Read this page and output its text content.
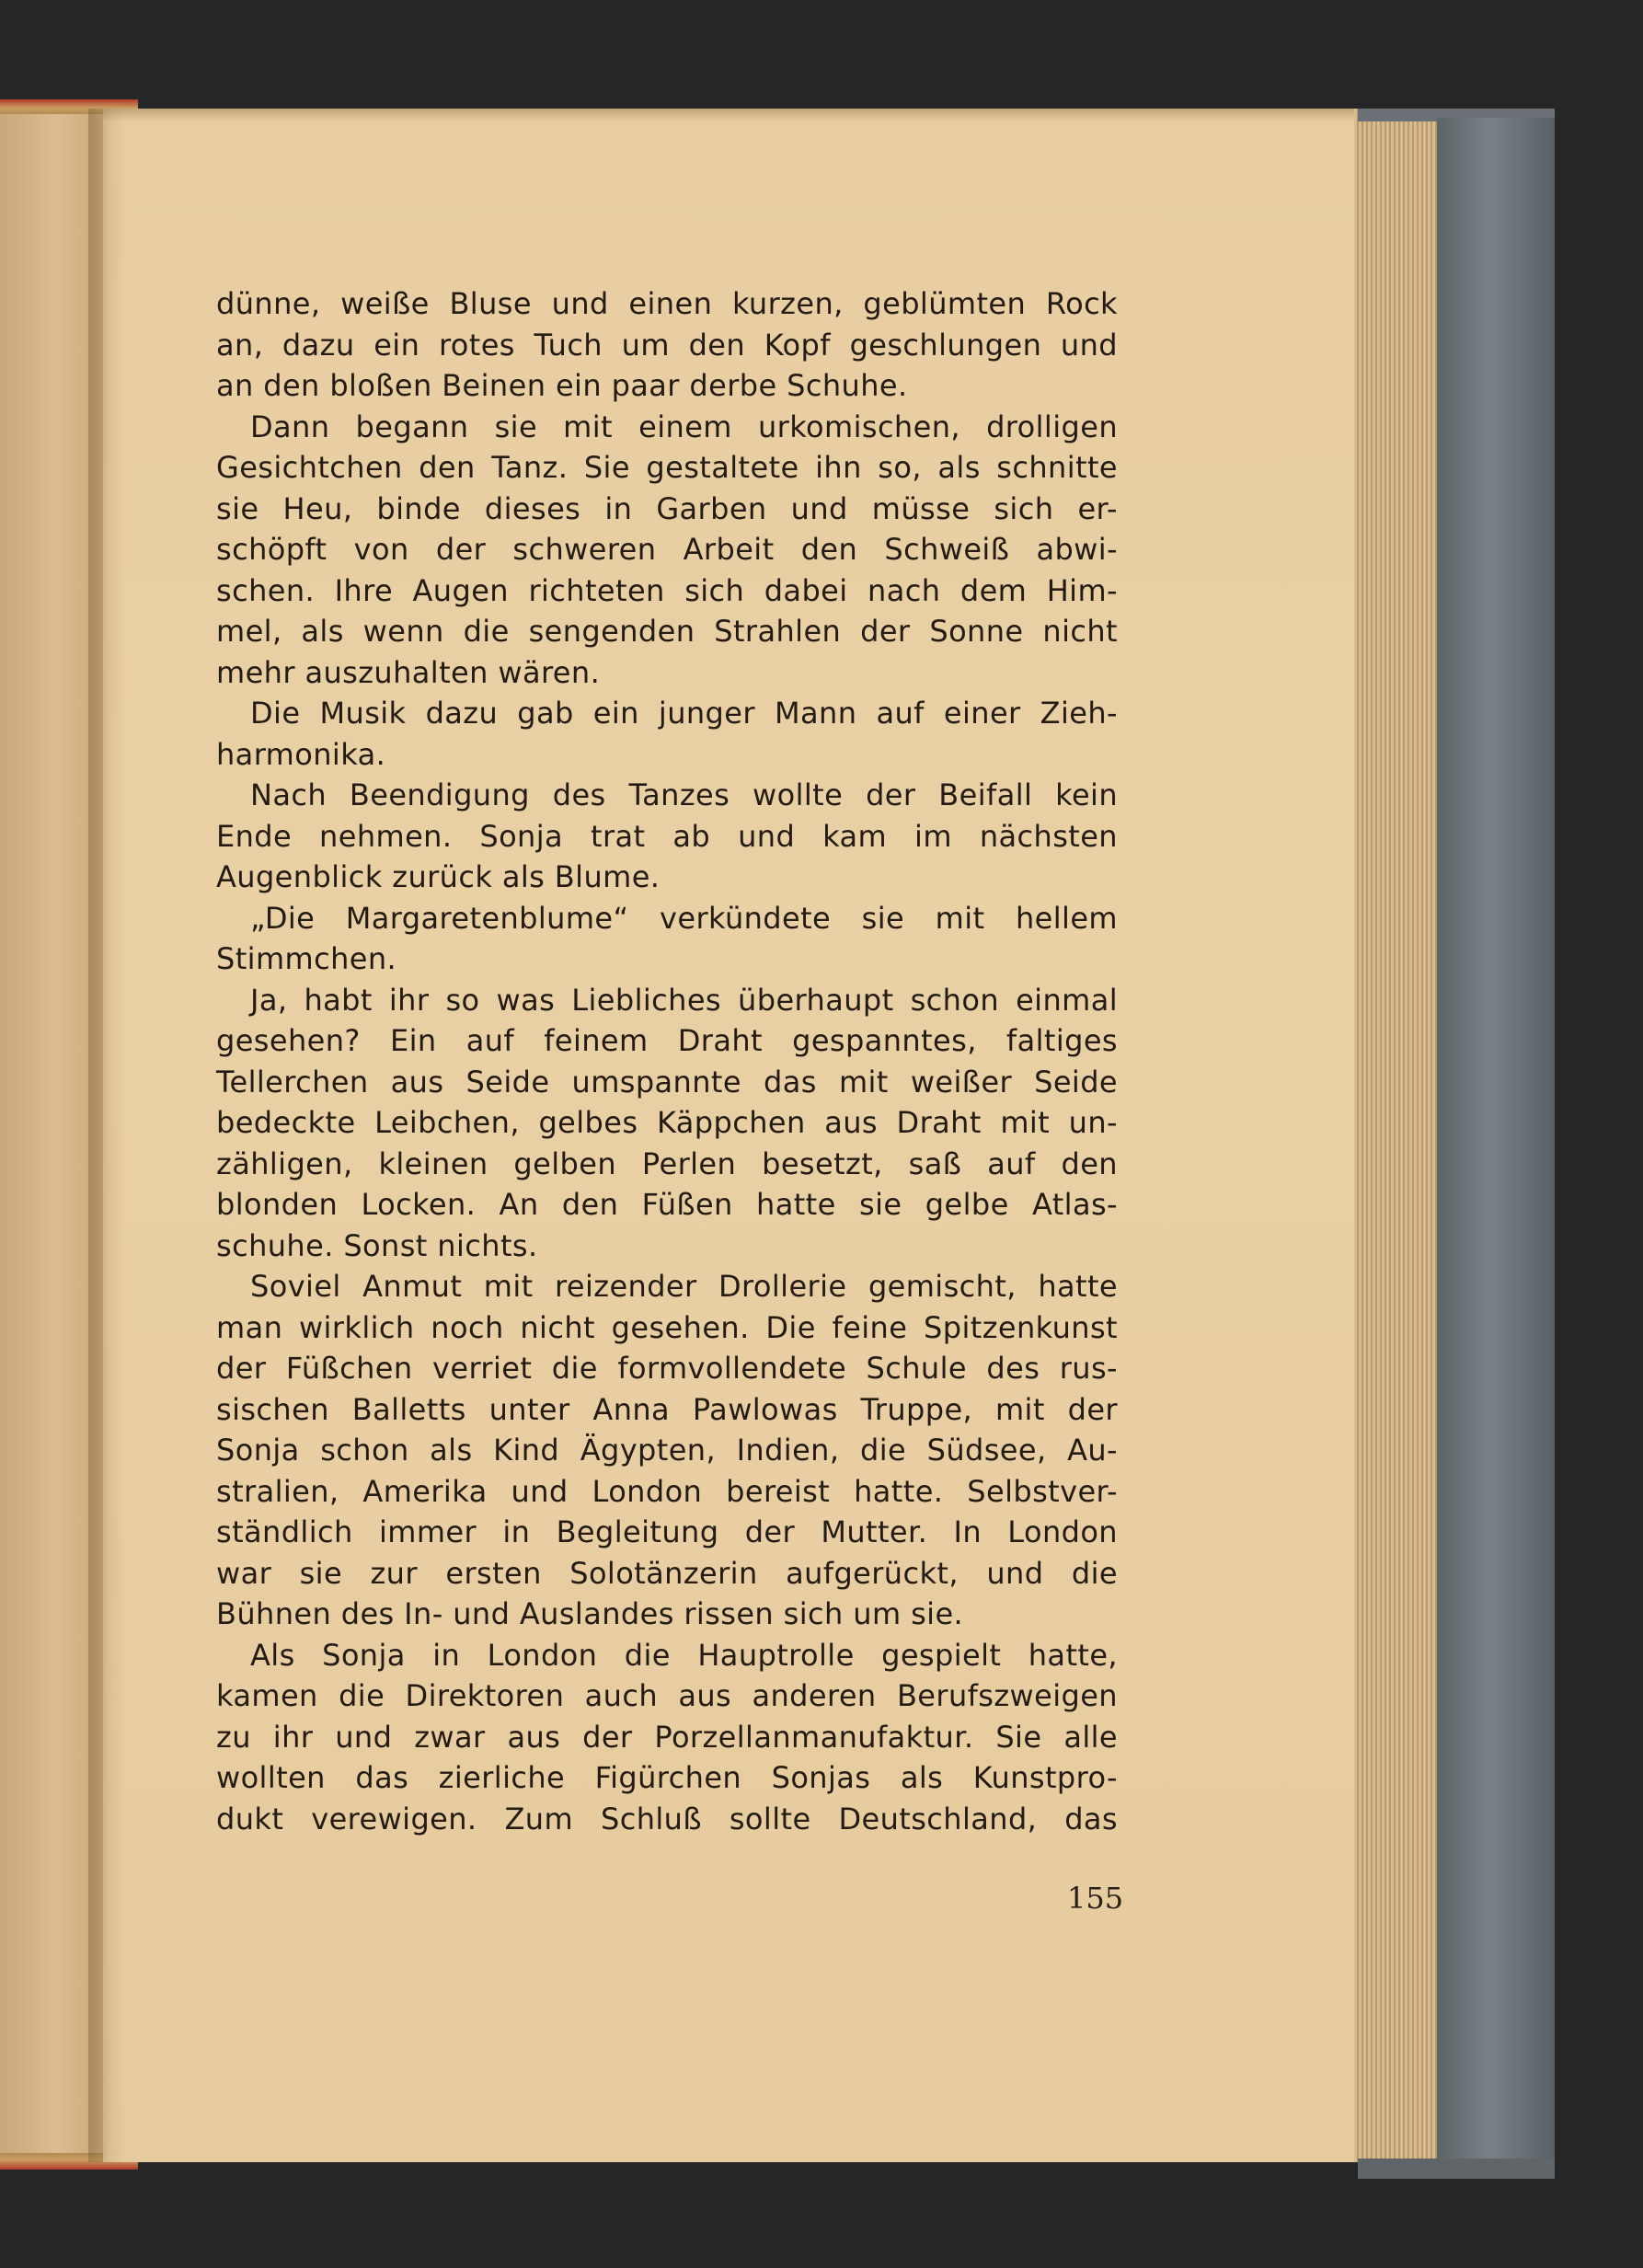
dünne, weiße Bluse und einen kurzen, geblümten Rock
an, dazu ein rotes Tuch um den Kopf geschlungen und
an den bloßen Beinen ein paar derbe Schuhe.
Dann begann sie mit einem urkomischen, drolligen
Gesichtchen den Tanz. Sie gestaltete ihn so, als schnitte
sie Heu, binde dieses in Garben und müsse sich er-
schöpft von der schweren Arbeit den Schweiß abwi-
schen. Ihre Augen richteten sich dabei nach dem Him-
mel, als wenn die sengenden Strahlen der Sonne nicht
mehr auszuhalten wären.
Die Musik dazu gab ein junger Mann auf einer Zieh-
harmonika.
Nach Beendigung des Tanzes wollte der Beifall kein
Ende nehmen. Sonja trat ab und kam im nächsten
Augenblick zurück als Blume.
„Die Margaretenblume“ verkündete sie mit hellem
Stimmchen.
Ja, habt ihr so was Liebliches überhaupt schon einmal
gesehen? Ein auf feinem Draht gespanntes, faltiges
Tellerchen aus Seide umspannte das mit weißer Seide
bedeckte Leibchen, gelbes Käppchen aus Draht mit un-
zähligen, kleinen gelben Perlen besetzt, saß auf den
blonden Locken. An den Füßen hatte sie gelbe Atlas-
schuhe. Sonst nichts.
Soviel Anmut mit reizender Drollerie gemischt, hatte
man wirklich noch nicht gesehen. Die feine Spitzenkunst
der Füßchen verriet die formvollendete Schule des rus-
sischen Balletts unter Anna Pawlowas Truppe, mit der
Sonja schon als Kind Ägypten, Indien, die Südsee, Au-
stralien, Amerika und London bereist hatte. Selbstver-
ständlich immer in Begleitung der Mutter. In London
war sie zur ersten Solotänzerin aufgerückt, und die
Bühnen des In- und Auslandes rissen sich um sie.
Als Sonja in London die Hauptrolle gespielt hatte,
kamen die Direktoren auch aus anderen Berufszweigen
zu ihr und zwar aus der Porzellanmanufaktur. Sie alle
wollten das zierliche Figürchen Sonjas als Kunstpro-
dukt verewigen. Zum Schluß sollte Deutschland, das
155
